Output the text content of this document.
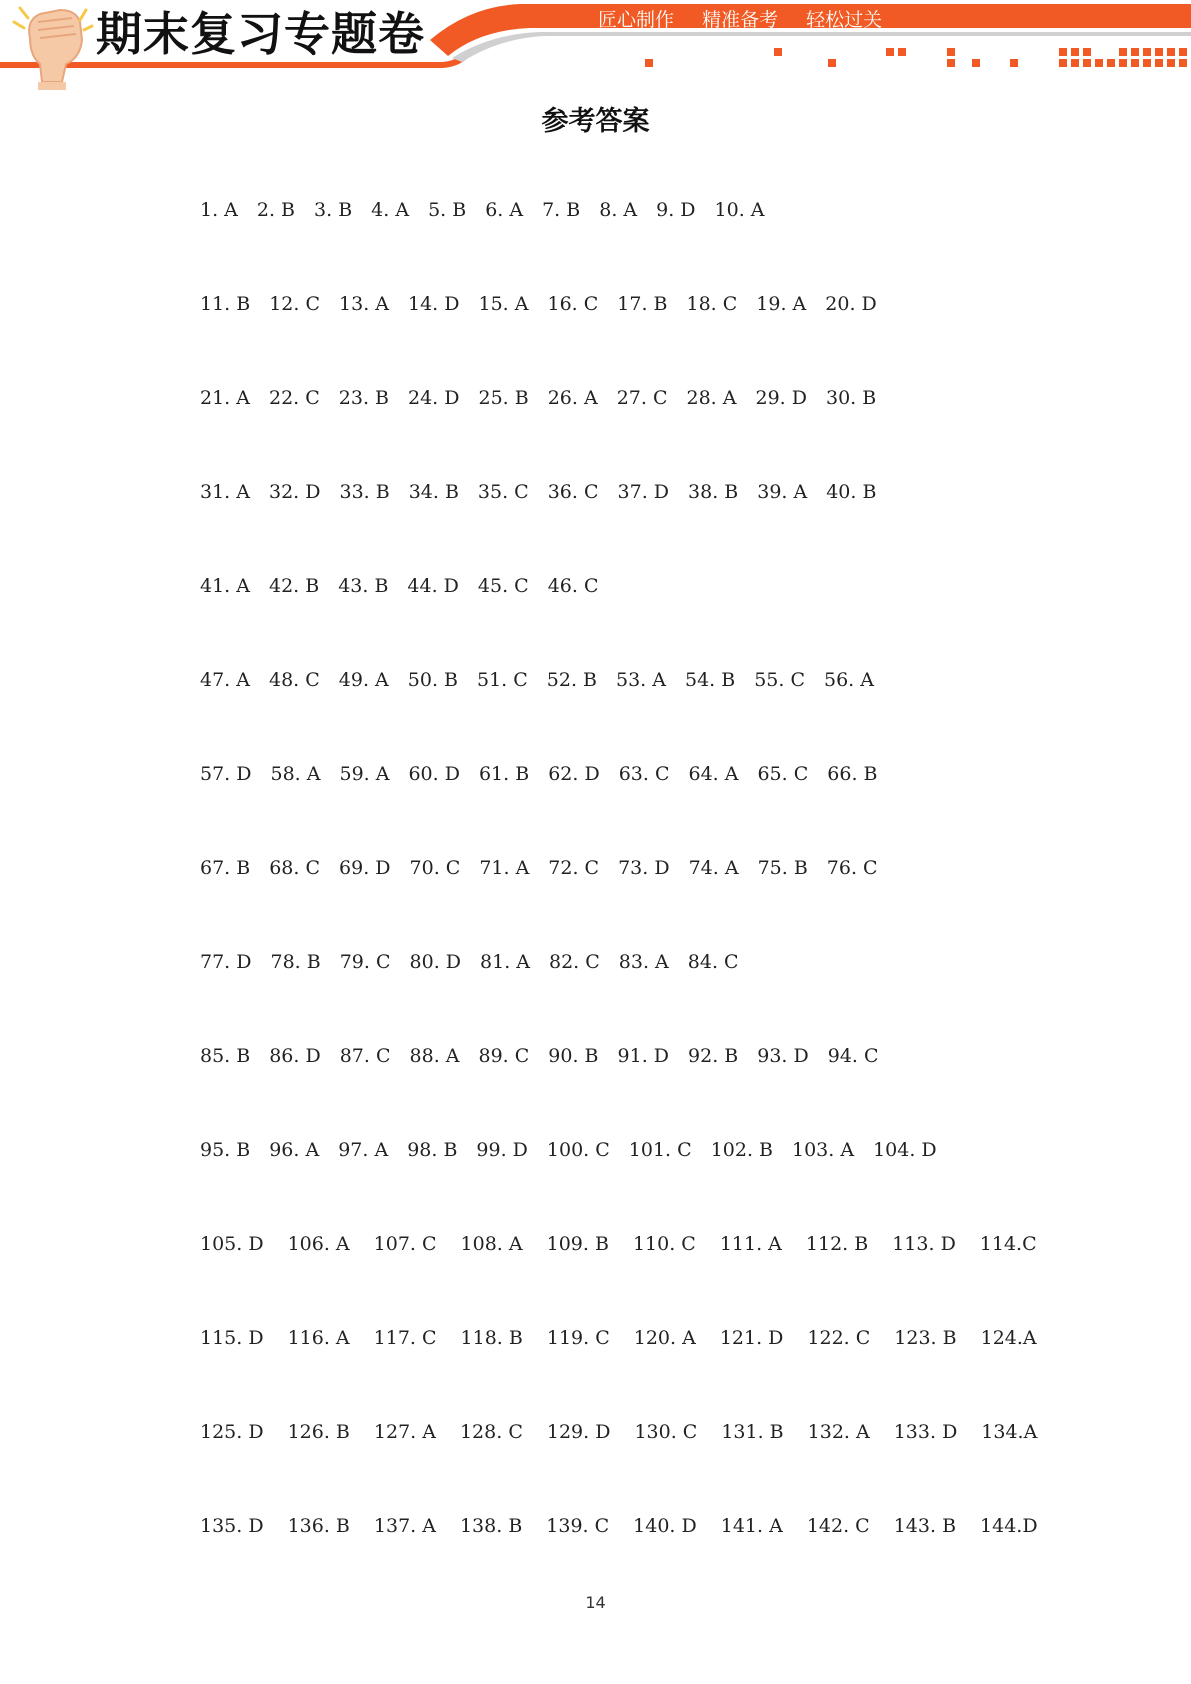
期末复习专题卷	匠心制作 精准备考 轻松过关
参考答案
1. A 2. B 3. B 4. A 5. B 6. A 7. B 8. A 9. D 10. A
11. B 12. C 13. A 14. D 15. A 16. C 17. B 18. C 19. A 20. D
21. A 22. C 23. B 24. D 25. B 26. A 27. C 28. A 29. D 30. B
31. A 32. D 33. B 34. B 35. C 36. C 37. D 38. B 39. A 40. B
41. A 42. B 43. B 44. D 45. C 46. C
47. A 48. C 49. A 50. B 51. C 52. B 53. A 54. B 55. C 56. A
57. D 58. A 59. A 60. D 61. B 62. D 63. C 64. A 65. C 66. B
67. B 68. C 69. D 70. C 71. A 72. C 73. D 74. A 75. B 76. C
77. D 78. B 79. C 80. D 81. A 82. C 83. A 84. C
85. B 86. D 87. C 88. A 89. C 90. B 91. D 92. B 93. D 94. C
95. B 96. A 97. A 98. B 99. D 100. C 101. C 102. B 103. A 104. D
105. D 106. A 107. C 108. A 109. B 110. C 111. A 112. B 113. D 114.C
115. D 116. A 117. C 118. B 119. C 120. A 121. D 122. C 123. B 124.A
125. D 126. B 127. A 128. C 129. D 130. C 131. B 132. A 133. D 134.A
135. D 136. B 137. A 138. B 139. C 140. D 141. A 142. C 143. B 144.D
14
